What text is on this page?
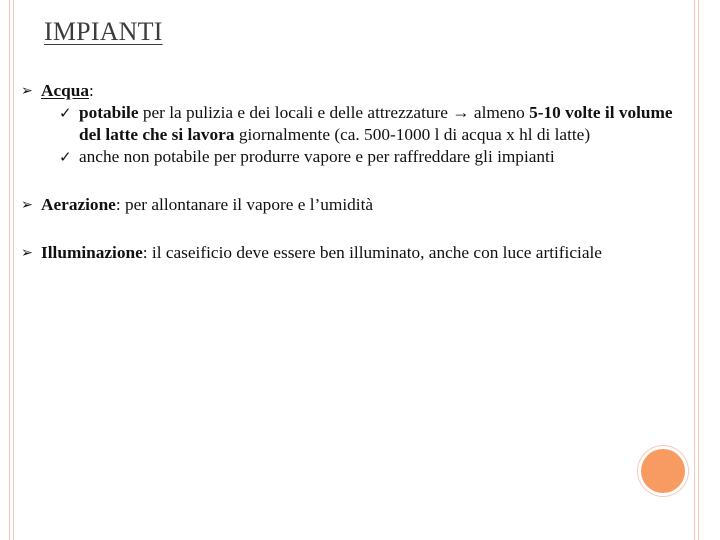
IMPIANTI
➢ Acqua:
✓ potabile per la pulizia e dei locali e delle attrezzature → almeno 5-10 volte il volume del latte che si lavora giornalmente (ca. 500-1000 l di acqua x hl di latte)
✓ anche non potabile per produrre vapore e per raffreddare gli impianti
➢ Aerazione: per allontanare il vapore e l’umidità
➢ Illuminazione: il caseificio deve essere ben illuminato, anche con luce artificiale
